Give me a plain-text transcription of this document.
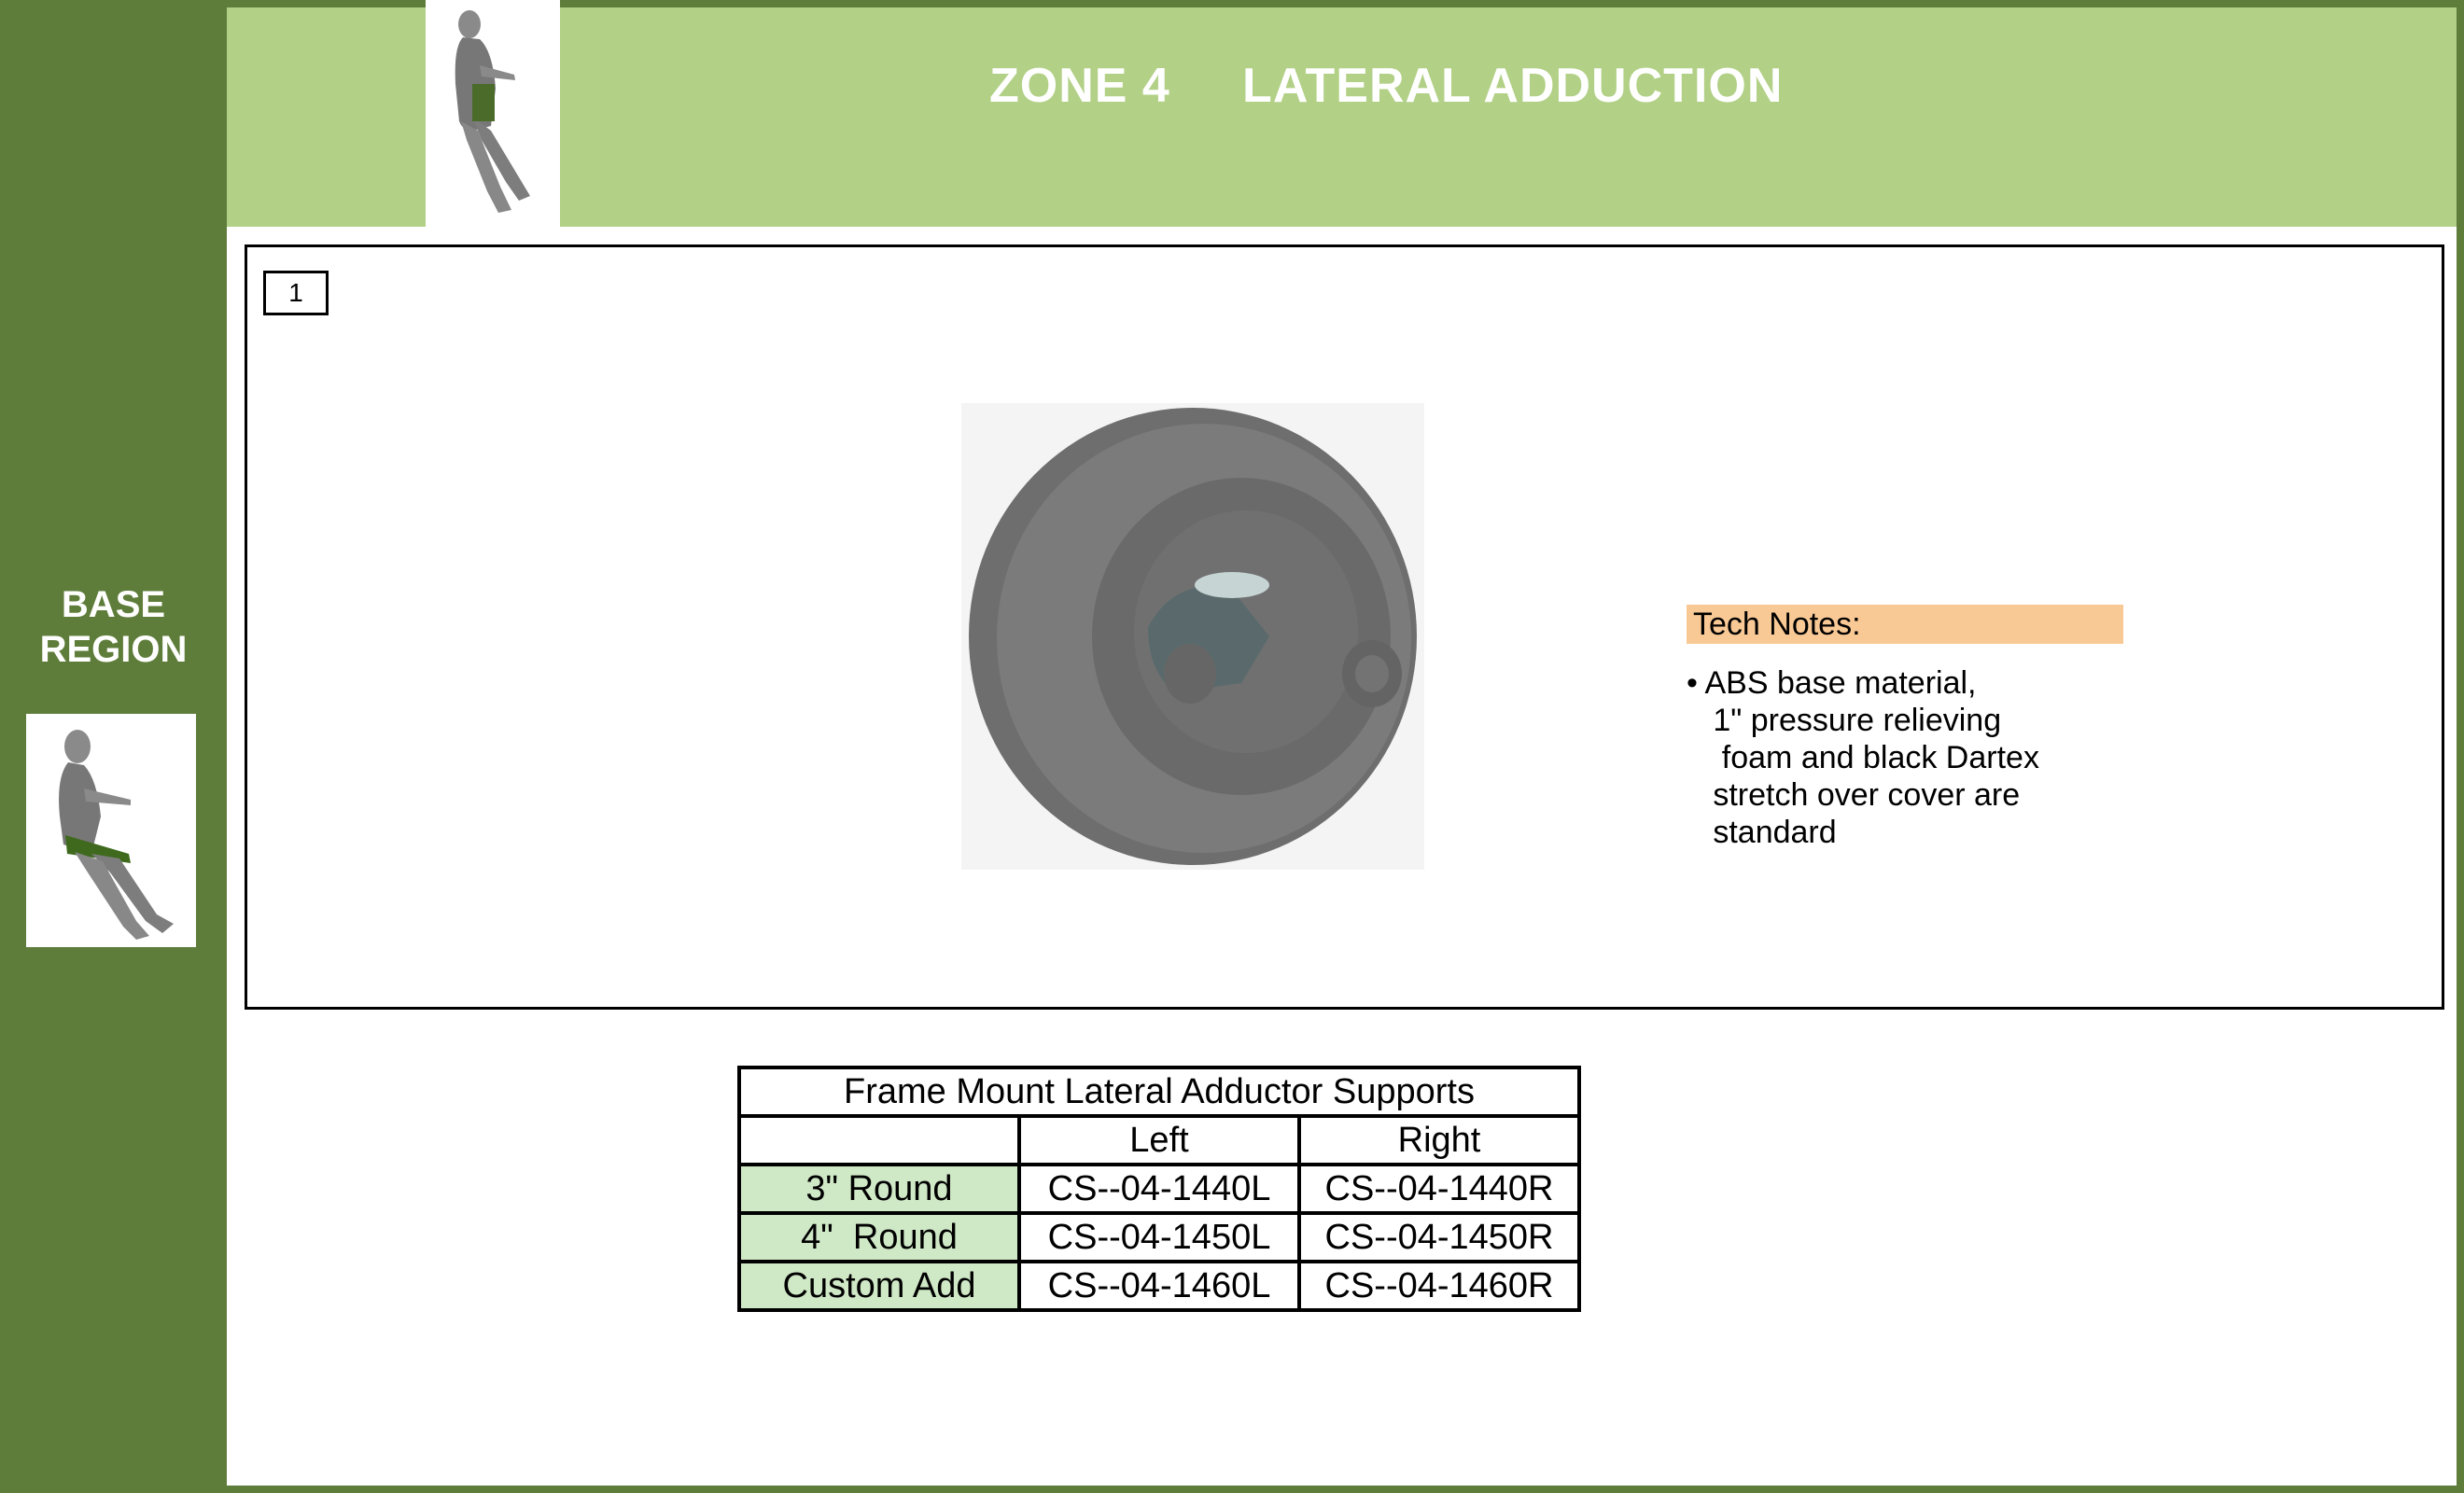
ZONE 4     LATERAL ADDUCTION
BASE
REGION
1
Tech Notes:
• ABS base material,
1" pressure relieving
foam and black Dartex
stretch over cover are
standard
Frame Mount Lateral Adductor Supports		
	Left	Right
3" Round	CS--04-1440L	CS--04-1440R
4"  Round	CS--04-1450L	CS--04-1450R
Custom Add	CS--04-1460L	CS--04-1460R
